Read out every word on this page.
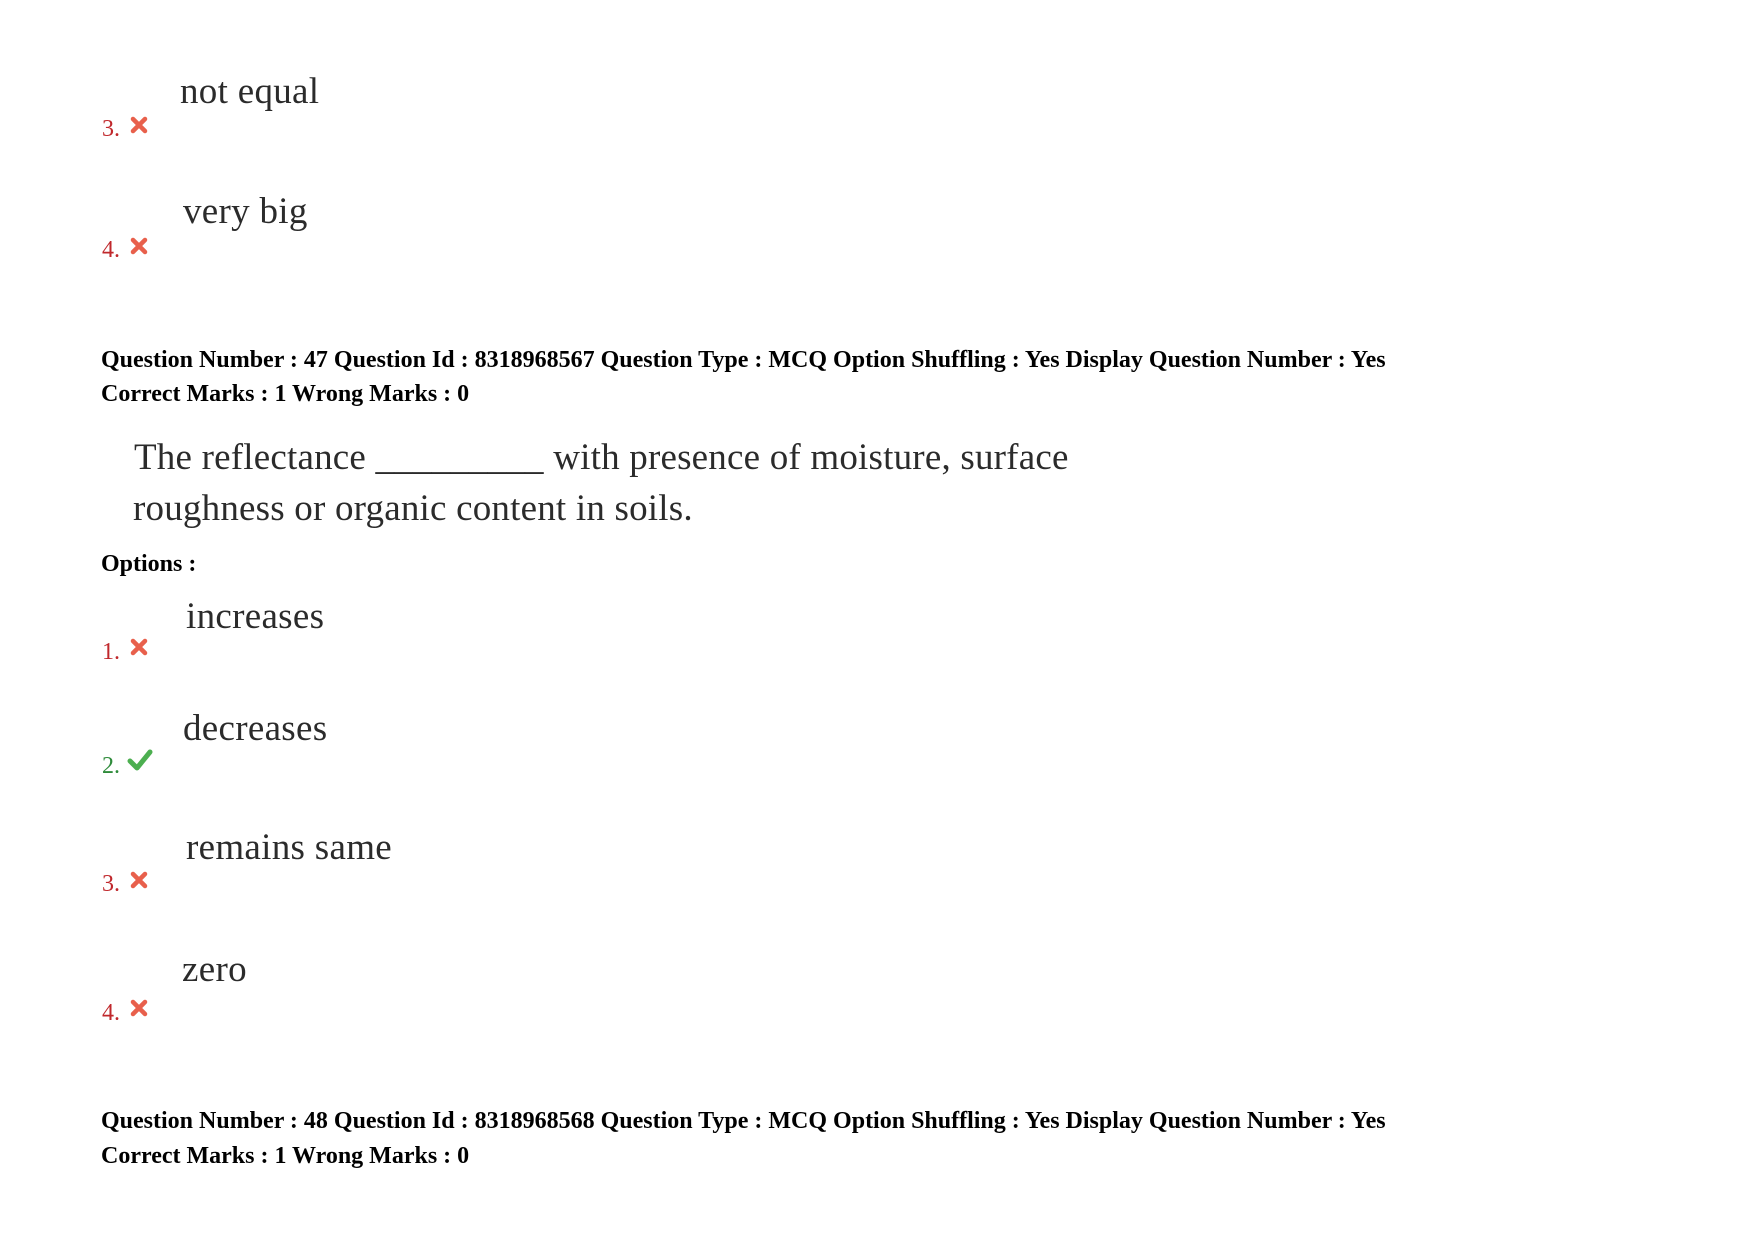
not equal
3.
very big
4.
Question Number : 47 Question Id : 8318968567 Question Type : MCQ Option Shuffling : Yes Display Question Number : Yes
Correct Marks : 1 Wrong Marks : 0
The reflectance _________ with presence of moisture, surface
roughness or organic content in soils.
Options :
increases
1.
decreases
2.
remains same
3.
zero
4.
Question Number : 48 Question Id : 8318968568 Question Type : MCQ Option Shuffling : Yes Display Question Number : Yes
Correct Marks : 1 Wrong Marks : 0
